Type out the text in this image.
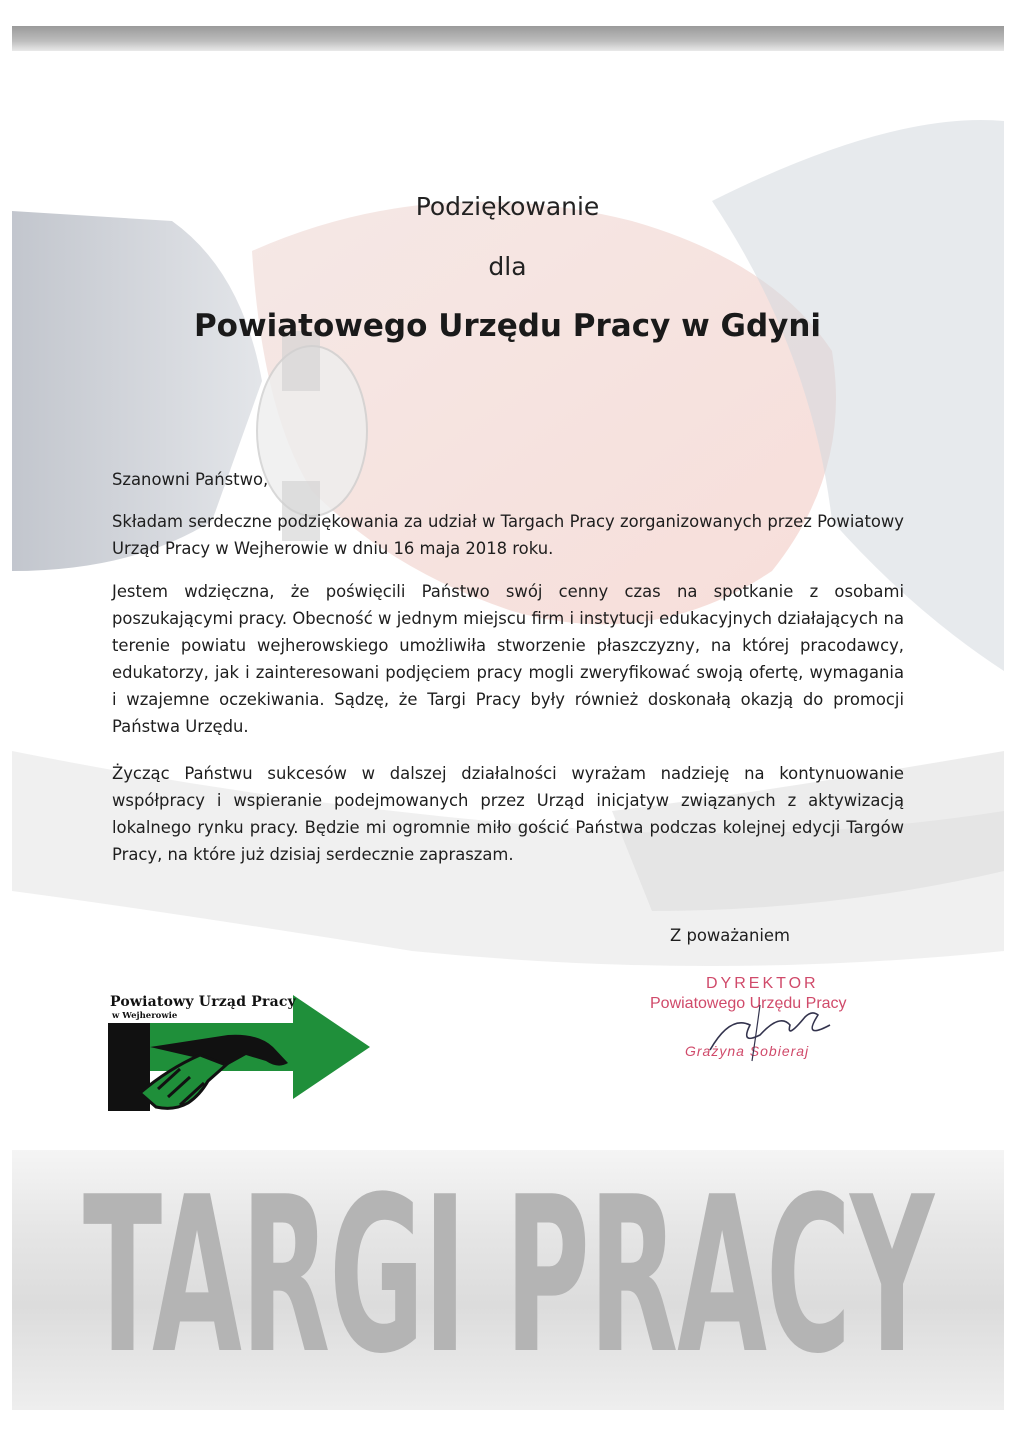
TARGI PRACY
Podziękowanie
dla
Powiatowego Urzędu Pracy w Gdyni
Szanowni Państwo,
Składam serdeczne podziękowania za udział w Targach Pracy zorganizowanych przez Powiatowy Urząd Pracy w Wejherowie w dniu 16 maja 2018 roku.
Jestem wdzięczna, że poświęcili Państwo swój cenny czas na spotkanie z osobami poszukającymi pracy. Obecność w jednym miejscu firm i instytucji edukacyjnych działających na terenie powiatu wejherowskiego umożliwiła stworzenie płaszczyzny, na której pracodawcy, edukatorzy, jak i zainteresowani podjęciem pracy mogli zweryfikować swoją ofertę, wymagania i wzajemne oczekiwania. Sądzę, że Targi Pracy były również doskonałą okazją do promocji Państwa Urzędu.
Życząc Państwu sukcesów w dalszej działalności wyrażam nadzieję na kontynuowanie współpracy i wspieranie podejmowanych przez Urząd inicjatyw związanych z aktywizacją lokalnego rynku pracy. Będzie mi ogromnie miło gościć Państwa podczas kolejnej edycji Targów Pracy, na które już dzisiaj serdecznie zapraszam.
Z poważaniem
Powiatowy Urząd Pracy
w Wejherowie
DYREKTOR
Powiatowego Urzędu Pracy
Grażyna Sobieraj
